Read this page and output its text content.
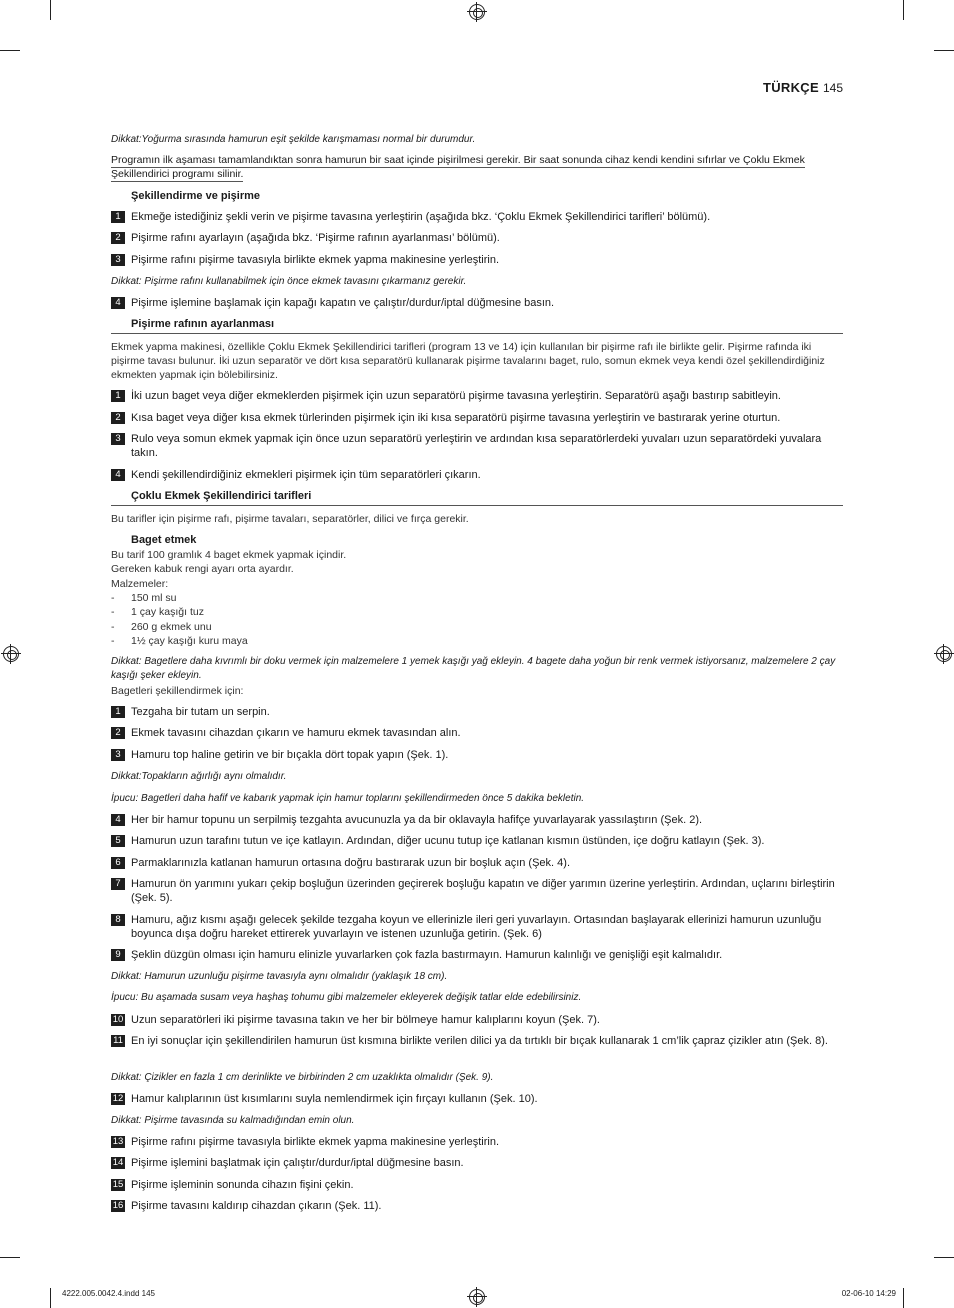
TÜRKÇE 145
Dikkat:Yoğurma sırasında hamurun eşit şekilde karışmaması normal bir durumdur.
Programın ilk aşaması tamamlandıktan sonra hamurun bir saat içinde pişirilmesi gerekir. Bir saat sonunda cihaz kendi kendini sıfırlar ve Çoklu Ekmek Şekillendirici programı silinir.
Şekillendirme ve pişirme
1 Ekmeğe istediğiniz şekli verin ve pişirme tavasına yerleştirin (aşağıda bkz. ‘Çoklu Ekmek Şekillendirici tarifleri’ bölümü).
2 Pişirme rafını ayarlayın (aşağıda bkz. ‘Pişirme rafının ayarlanması’ bölümü).
3 Pişirme rafını pişirme tavasıyla birlikte ekmek yapma makinesine yerleştirin.
Dikkat: Pişirme rafını kullanabilmek için önce ekmek tavasını çıkarmanız gerekir.
4 Pişirme işlemine başlamak için kapağı kapatın ve çalıştır/durdur/iptal düğmesine basın.
Pişirme rafının ayarlanması
Ekmek yapma makinesi, özellikle Çoklu Ekmek Şekillendirici tarifleri (program 13 ve 14) için kullanılan bir pişirme rafı ile birlikte gelir. Pişirme rafında iki pişirme tavası bulunur. İki uzun separatör ve dört kısa separatörü kullanarak pişirme tavalarını baget, rulo, somun ekmek veya kendi özel şekillendirdiğiniz ekmekten yapmak için bölebilirsiniz.
1 İki uzun baget veya diğer ekmeklerden pişirmek için uzun separatörü pişirme tavasına yerleştirin. Separatörü aşağı bastırıp sabitleyin.
2 Kısa baget veya diğer kısa ekmek türlerinden pişirmek için iki kısa separatörü pişirme tavasına yerleştirin ve bastırarak yerine oturtun.
3 Rulo veya somun ekmek yapmak için önce uzun separatörü yerleştirin ve ardından kısa separatörlerdeki yuvaları uzun separatördeki yuvalara takın.
4 Kendi şekillendirdiğiniz ekmekleri pişirmek için tüm separatörleri çıkarın.
Çoklu Ekmek Şekillendirici tarifleri
Bu tarifler için pişirme rafı, pişirme tavaları, separatörler, dilici ve fırça gerekir.
Baget etmek
Bu tarif 100 gramlık 4 baget ekmek yapmak içindir.
Gereken kabuk rengi ayarı orta ayardır.
Malzemeler:
-	150 ml su
-	1 çay kaşığı tuz
-	260 g ekmek unu
-	1½ çay kaşığı kuru maya
Dikkat: Bagetlere daha kıvrımlı bir doku vermek için malzemelere 1 yemek kaşığı yağ ekleyin. 4 bagete daha yoğun bir renk vermek istiyorsanız, malzemelere 2 çay kaşığı şeker ekleyin.
Bagetleri şekillendirmek için:
1 Tezgaha bir tutam un serpin.
2 Ekmek tavasını cihazdan çıkarın ve hamuru ekmek tavasından alın.
3 Hamuru top haline getirin ve bir bıçakla dört topak yapın (Şek. 1).
Dikkat:Topakların ağırlığı aynı olmalıdır.
İpucu: Bagetleri daha hafif ve kabarık yapmak için hamur toplarını şekillendirmeden önce 5 dakika bekletin.
4 Her bir hamur topunu un serpilmiş tezgahta avucunuzla ya da bir oklavayla hafifçe yuvarlayarak yassılaştırın (Şek. 2).
5 Hamurun uzun tarafını tutun ve içe katlayın. Ardından, diğer ucunu tutup içe katlanan kısmın üstünden, içe doğru katlayın (Şek. 3).
6 Parmaklarınızla katlanan hamurun ortasına doğru bastırarak uzun bir boşluk açın (Şek. 4).
7 Hamurun ön yarımını yukarı çekip boşluğun üzerinden geçirerek boşluğu kapatın ve diğer yarımın üzerine yerleştirin. Ardından, uçlarını birleştirin (Şek. 5).
8 Hamuru, ağız kısmı aşağı gelecek şekilde tezgaha koyun ve ellerinizle ileri geri yuvarlayın. Ortasından başlayarak ellerinizi hamurun uzunluğu boyunca dışa doğru hareket ettirerek yuvarlayın ve istenen uzunluğa getirin. (Şek. 6)
9 Şeklin düzgün olması için hamuru elinizle yuvarlarken çok fazla bastırmayın. Hamurun kalınlığı ve genişliği eşit kalmalıdır.
Dikkat: Hamurun uzunluğu pişirme tavasıyla aynı olmalıdır (yaklaşık 18 cm).
İpucu: Bu aşamada susam veya haşhaş tohumu gibi malzemeler ekleyerek değişik tatlar elde edebilirsiniz.
10 Uzun separatörleri iki pişirme tavasına takın ve her bir bölmeye hamur kalıplarını koyun (Şek. 7).
11 En iyi sonuçlar için şekillendirilen hamurun üst kısmına birlikte verilen dilici ya da tırtıklı bir bıçak kullanarak 1 cm’lik çapraz çizikler atın (Şek. 8).
Dikkat: Çizikler en fazla 1 cm derinlikte ve birbirinden 2 cm uzaklıkta olmalıdır (Şek. 9).
12 Hamur kalıplarının üst kısımlarını suyla nemlendirmek için fırçayı kullanın (Şek. 10).
Dikkat: Pişirme tavasında su kalmadığından emin olun.
13 Pişirme rafını pişirme tavasıyla birlikte ekmek yapma makinesine yerleştirin.
14 Pişirme işlemini başlatmak için çalıştır/durdur/iptal düğmesine basın.
15 Pişirme işleminin sonunda cihazın fişini çekin.
16 Pişirme tavasını kaldırıp cihazdan çıkarın (Şek. 11).
4222.005.0042.4.indd 145	02-06-10 14:29
